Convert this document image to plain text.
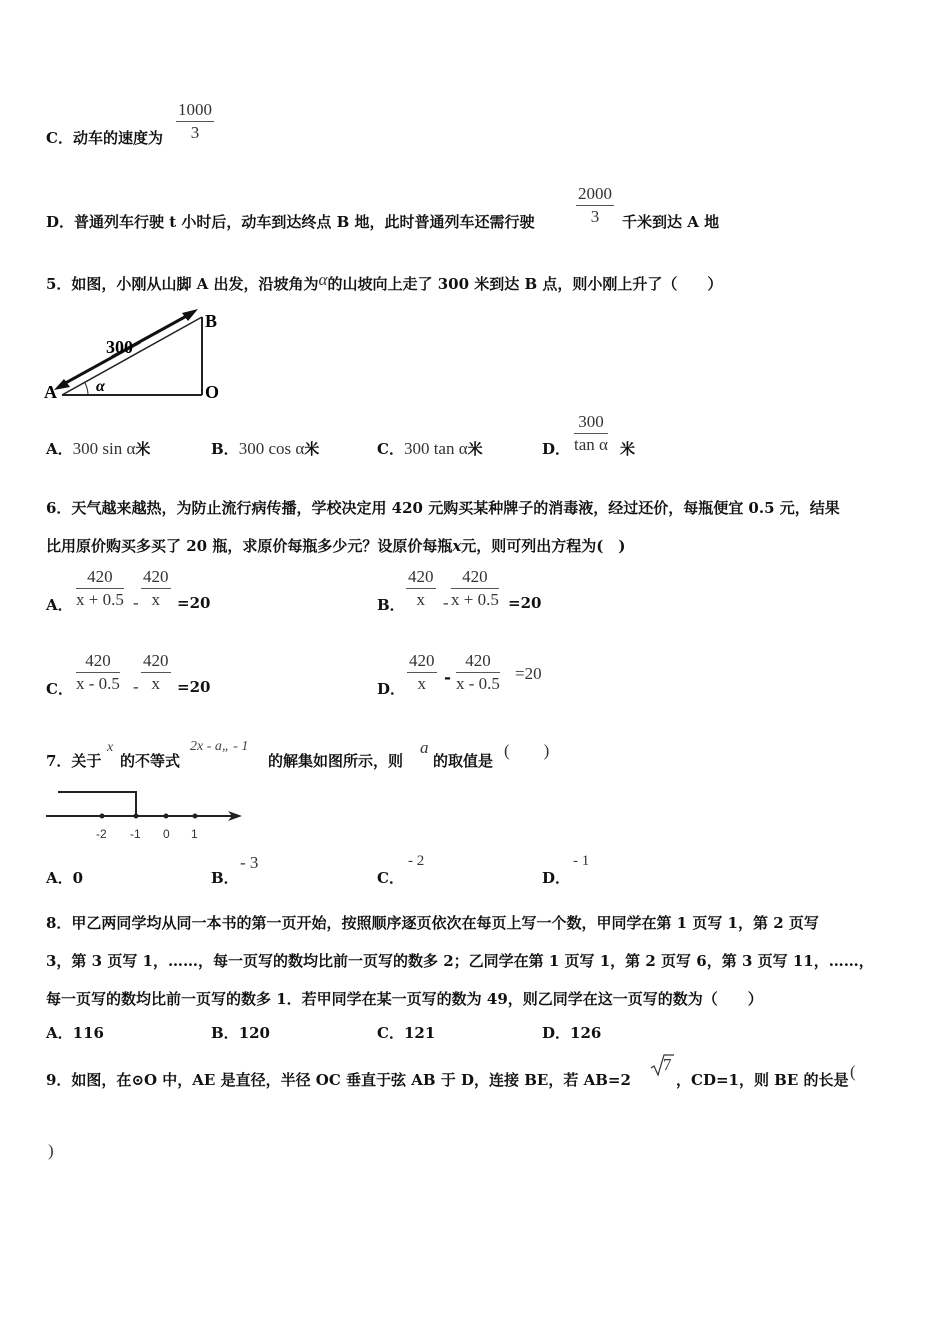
C．动车的速度为 $\frac{1000}{3}$
D．普通列车行驶 t 小时后，动车到达终点 B 地，此时普通列车还需行驶 $\frac{2000}{3}$ 千米到达 A 地
5．如图，小刚从山脚 A 出发，沿坡角为α的山坡向上走了 300 米到达 B 点，则小刚上升了（　　）
300
A
B
O
α
A．300 sin α米	B．300 cos α米	C．300 tan α米	D． $\frac{300}{\text{tan α}}$ 米
6．天气越来越热，为防止流行病传播，学校决定用 420 元购买某种牌子的消毒液，经过还价，每瓶便宜 0.5 元，结果
比用原价购买多买了 20 瓶，求原价每瓶多少元？设原价每瓶x元，则可列出方程为(　)
A． $\frac{420}{x + 0.5} - \frac{420}{x} =20$	B． $\frac{420}{x} - \frac{420}{x + 0.5} =20$
C． $\frac{420}{x - 0.5} - \frac{420}{x} =20$	D． $\frac{420}{x} - \frac{420}{x - 0.5} =20$
7．关于
x
的不等式
2x - a„ - 1
的解集如图所示，则
a
的取值是
(　　)
-2 -1 0 1
A．0	B．
- 3
C．
- 2
D．
- 1
8．甲乙两同学均从同一本书的第一页开始，按照顺序逐页依次在每页上写一个数，甲同学在第 1 页写 1，第 2 页写
3，第 3 页写 1，……，每一页写的数均比前一页写的数多 2；乙同学在第 1 页写 1，第 2 页写 6，第 3 页写 11，……，
每一页写的数均比前一页写的数多 1．若甲同学在某一页写的数为 49，则乙同学在这一页写的数为（　　）
A．116	B．120	C．121	D．126
9．如图，在⊙O 中，AE 是直径，半径 OC 垂直于弦 AB 于 D，连接 BE，若 AB=2
7
，CD=1，则 BE 的长是 (
)
